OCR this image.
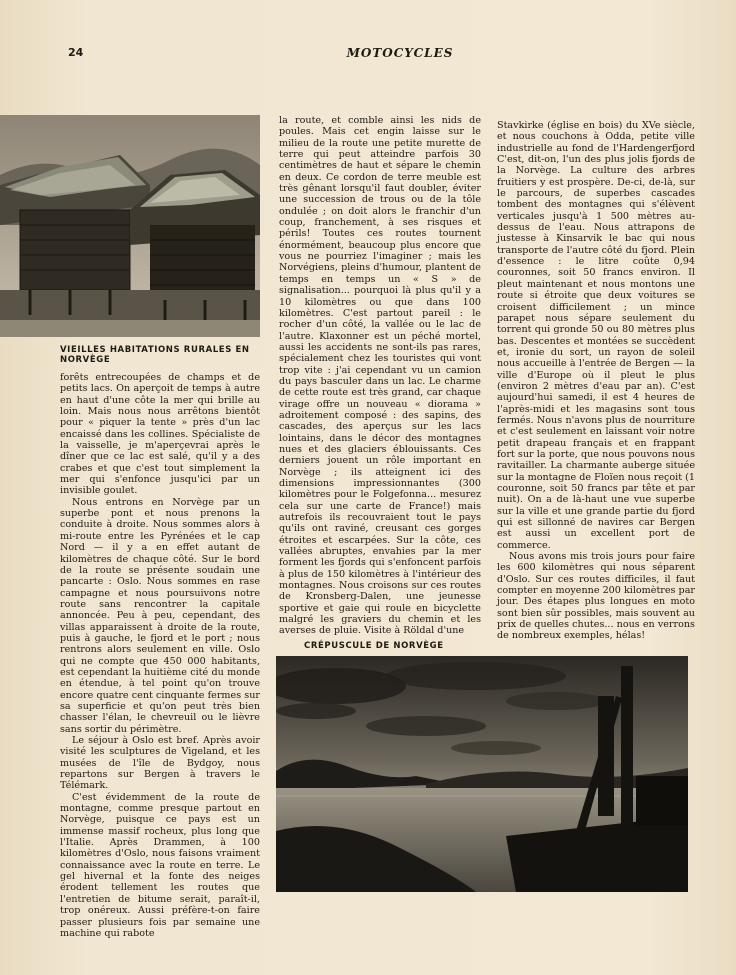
24	MOTOCYCLES
VIEILLES HABITATIONS RURALES EN NORVÈGE

forêts entrecoupées de champs et de petits lacs. On aperçoit de temps à autre en haut d'une côte la mer qui brille au loin. Mais nous nous arrêtons bientôt pour « piquer la tente » près d'un lac encaissé dans les collines. Spécialiste de la vaisselle, je m'aperçevrai après le dîner que ce lac est salé, qu'il y a des crabes et que c'est tout simplement la mer qui s'enfonce jusqu'ici par un invisible goulet.

Nous entrons en Norvège par un superbe pont et nous prenons la conduite à droite. Nous sommes alors à mi-route entre les Pyrénées et le cap Nord — il y a en effet autant de kilomètres de chaque côté. Sur le bord de la route se présente soudain une pancarte : Oslo. Nous sommes en rase campagne et nous poursuivons notre route sans rencontrer la capitale annoncée. Peu à peu, cependant, des villas apparaissent à droite de la route, puis à gauche, le fjord et le port ; nous rentrons alors seulement en ville. Oslo qui ne compte que 450 000 habitants, est cependant la huitième cité du monde en étendue, à tel point qu'on trouve encore quatre cent cinquante fermes sur sa superficie et qu'on peut très bien chasser l'élan, le chevreuil ou le lièvre sans sortir du périmètre.

Le séjour à Oslo est bref. Après avoir visité les sculptures de Vigeland, et les musées de l'île de Bydgoy, nous repartons sur Bergen à travers le Télémark.

C'est évidemment de la route de montagne, comme presque partout en Norvège, puisque ce pays est un immense massif rocheux, plus long que l'Italie. Après Drammen, à 100 kilomètres d'Oslo, nous faisons vraiment connaissance avec la route en terre. Le gel hivernal et la fonte des neiges érodent tellement les routes que l'entretien de bitume serait, paraît-il, trop onéreux. Aussi préfère-t-on faire passer plusieurs fois par semaine une machine qui rabote

la route, et comble ainsi les nids de poules. Mais cet engin laisse sur le milieu de la route une petite murette de terre qui peut atteindre parfois 30 centimètres de haut et sépare le chemin en deux. Ce cordon de terre meuble est très gênant lorsqu'il faut doubler, éviter une succession de trous ou de la tôle ondulée ; on doit alors le franchir d'un coup, franchement, à ses risques et périls! Toutes ces routes tournent énormément, beaucoup plus encore que vous ne pourriez l'imaginer ; mais les Norvégiens, pleins d'humour, plantent de temps en temps un « S » de signalisation... pourquoi là plus qu'il y a 10 kilomètres ou que dans 100 kilomètres. C'est partout pareil : le rocher d'un côté, la vallée ou le lac de l'autre. Klaxonner est un péché mortel, aussi les accidents ne sont-ils pas rares, spécialement chez les touristes qui vont trop vite : j'ai cependant vu un camion du pays basculer dans un lac. Le charme de cette route est très grand, car chaque virage offre un nouveau « diorama » adroitement composé : des sapins, des cascades, des aperçus sur les lacs lointains, dans le décor des montagnes nues et des glaciers éblouissants. Ces derniers jouent un rôle important en Norvège ; ils atteignent ici des dimensions impressionnantes (300 kilomètres pour le Folgefonna... mesurez cela sur une carte de France!) mais autrefois ils recouvraient tout le pays qu'ils ont raviné, creusant ces gorges étroites et escarpées. Sur la côte, ces vallées abruptes, envahies par la mer forment les fjords qui s'enfoncent parfois à plus de 150 kilomètres à l'intérieur des montagnes. Nous croisons sur ces routes de Kronsberg-Dalen, une jeunesse sportive et gaie qui roule en bicyclette malgré les graviers du chemin et les averses de pluie. Visite à Röldal d'une

Stavkirke (église en bois) du XVe siècle, et nous couchons à Odda, petite ville industrielle au fond de l'Hardengerfjord C'est, dit-on, l'un des plus jolis fjords de la Norvège. La culture des arbres fruitiers y est prospère. De-ci, de-là, sur le parcours, de superbes cascades tombent des montagnes qui s'élèvent verticales jusqu'à 1 500 mètres au-dessus de l'eau. Nous attrapons de justesse à Kinsarvik le bac qui nous transporte de l'autre côté du fjord. Plein d'essence : le litre coûte 0,94 couronnes, soit 50 francs environ. Il pleut maintenant et nous montons une route si étroite que deux voitures se croisent difficilement ; un mince parapet nous sépare seulement du torrent qui gronde 50 ou 80 mètres plus bas. Descentes et montées se succèdent et, ironie du sort, un rayon de soleil nous accueille à l'entrée de Bergen — la ville d'Europe où il pleut le plus (environ 2 mètres d'eau par an). C'est aujourd'hui samedi, il est 4 heures de l'après-midi et les magasins sont tous fermés. Nous n'avons plus de nourriture et c'est seulement en laissant voir notre petit drapeau français et en frappant fort sur la porte, que nous pouvons nous ravitailler. La charmante auberge située sur la montagne de Floïen nous reçoit (1 couronne, soit 50 francs par tête et par nuit). On a de là-haut une vue superbe sur la ville et une grande partie du fjord qui est sillonné de navires car Bergen est aussi un excellent port de commerce.

Nous avons mis trois jours pour faire les 600 kilomètres qui nous séparent d'Oslo. Sur ces routes difficiles, il faut compter en moyenne 200 kilomètres par jour. Des étapes plus longues en moto sont bien sûr possibles, mais souvent au prix de quelles chutes... nous en verrons de nombreux exemples, hélas!

CRÉPUSCULE DE NORVÈGE
